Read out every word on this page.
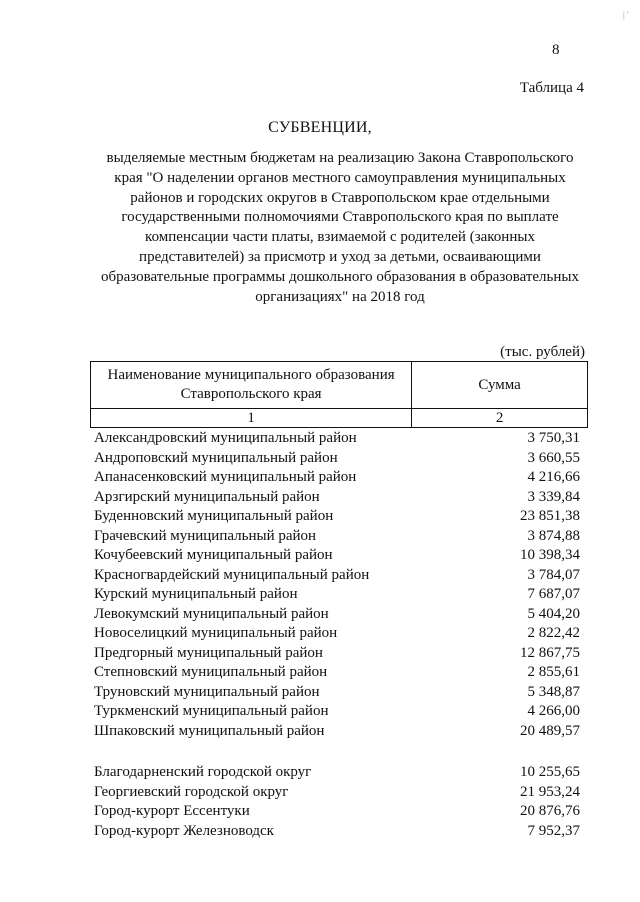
8
| '
Таблица 4
СУБВЕНЦИИ,
выделяемые местным бюджетам на реализацию Закона Ставропольского
края "О наделении органов местного самоуправления муниципальных
районов и городских округов в Ставропольском крае отдельными
государственными полномочиями Ставропольского края по выплате
компенсации части платы, взимаемой с родителей (законных
представителей) за присмотр и уход за детьми, осваивающими
образовательные программы дошкольного образования в образовательных
организациях" на 2018 год
(тыс. рублей)
Наименование муниципального образования
Ставропольского края	Сумма
1	2
Александровский муниципальный район	3 750,31
Андроповский муниципальный район	3 660,55
Апанасенковский муниципальный район	4 216,66
Арзгирский муниципальный район	3 339,84
Буденновский муниципальный район	23 851,38
Грачевский муниципальный район	3 874,88
Кочубеевский муниципальный район	10 398,34
Красногвардейский муниципальный район	3 784,07
Курский муниципальный район	7 687,07
Левокумский муниципальный район	5 404,20
Новоселицкий муниципальный район	2 822,42
Предгорный муниципальный район	12 867,75
Степновский муниципальный район	2 855,61
Труновский муниципальный район	5 348,87
Туркменский муниципальный район	4 266,00
Шпаковский муниципальный район	20 489,57
Благодарненский городской округ	10 255,65
Георгиевский городской округ	21 953,24
Город-курорт Ессентуки	20 876,76
Город-курорт Железноводск	7 952,37
